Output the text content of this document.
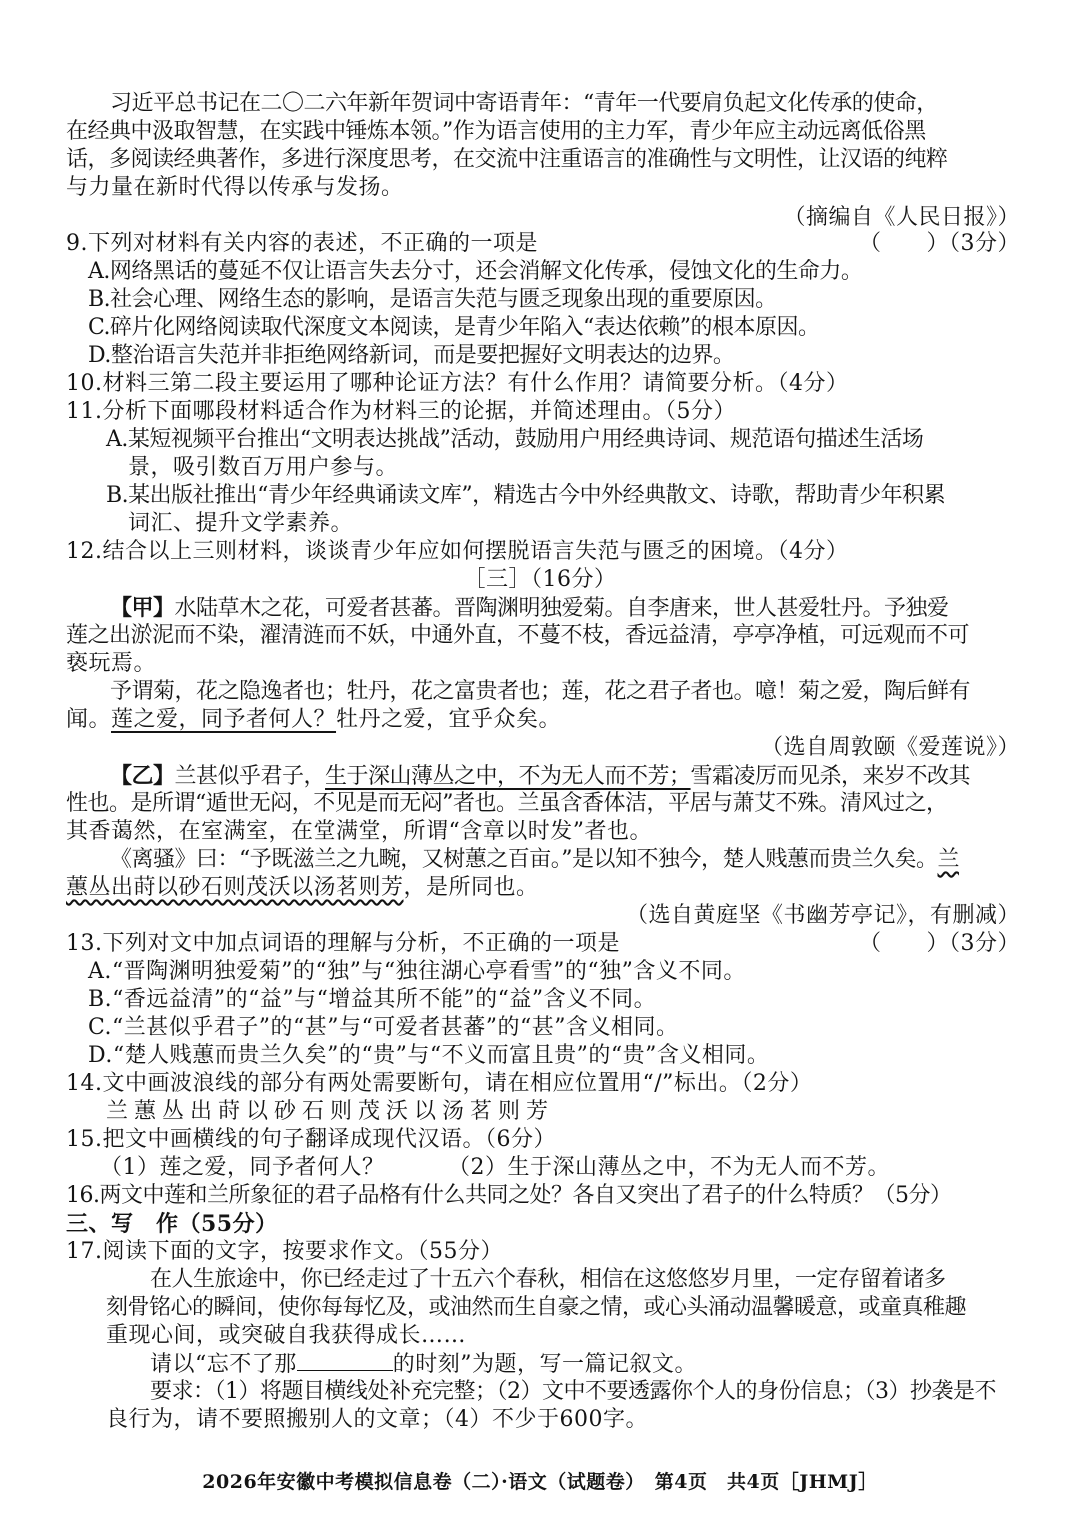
习近平总书记在二〇二六年新年贺词中寄语青年：“青年一代要肩负起文化传承的使命，

在经典中汲取智慧，在实践中锤炼本领。”作为语言使用的主力军，青少年应主动远离低俗黑

话，多阅读经典著作，多进行深度思考，在交流中注重语言的准确性与文明性，让汉语的纯粹

与力量在新时代得以传承与发扬。

（摘编自《人民日报》）

9.下列对材料有关内容的表述，不正确的一项是	（　　）（3分）

A.网络黑话的蔓延不仅让语言失去分寸，还会消解文化传承，侵蚀文化的生命力。

B.社会心理、网络生态的影响，是语言失范与匮乏现象出现的重要原因。

C.碎片化网络阅读取代深度文本阅读，是青少年陷入“表达依赖”的根本原因。

D.整治语言失范并非拒绝网络新词，而是要把握好文明表达的边界。

10.材料三第二段主要运用了哪种论证方法？有什么作用？请简要分析。（4分）

11.分析下面哪段材料适合作为材料三的论据，并简述理由。（5分）

A.某短视频平台推出“文明表达挑战”活动，鼓励用户用经典诗词、规范语句描述生活场

景，吸引数百万用户参与。

B.某出版社推出“青少年经典诵读文库”，精选古今中外经典散文、诗歌，帮助青少年积累

词汇、提升文学素养。

12.结合以上三则材料，谈谈青少年应如何摆脱语言失范与匮乏的困境。（4分）

［三］（16分）

【甲】水陆草木之花，可爱者甚蕃。晋陶渊明独爱菊。自李唐来，世人甚爱牡丹。予独爱

莲之出淤泥而不染，濯清涟而不妖，中通外直，不蔓不枝，香远益清，亭亭净植，可远观而不可

亵玩焉。

予谓菊，花之隐逸者也；牡丹，花之富贵者也；莲，花之君子者也。噫！菊之爱，陶后鲜有

闻。莲之爱，同予者何人？牡丹之爱，宜乎众矣。

（选自周敦颐《爱莲说》）

【乙】兰甚似乎君子，生于深山薄丛之中，不为无人而不芳；雪霜凌厉而见杀，来岁不改其

性也。是所谓“遁世无闷，不见是而无闷”者也。兰虽含香体洁，平居与萧艾不殊。清风过之，

其香蔼然，在室满室，在堂满堂，所谓“含章以时发”者也。

《离骚》曰：“予既滋兰之九畹，又树蕙之百亩。”是以知不独今，楚人贱蕙而贵兰久矣。兰

蕙丛出莳以砂石则茂沃以汤茗则芳，是所同也。

（选自黄庭坚《书幽芳亭记》，有删减）

13.下列对文中加点词语的理解与分析，不正确的一项是	（　　）（3分）

A.“晋陶渊明独爱菊”的“独”与“独往湖心亭看雪”的“独”含义不同。

B.“香远益清”的“益”与“增益其所不能”的“益”含义不同。

C.“兰甚似乎君子”的“甚”与“可爱者甚蕃”的“甚”含义相同。

D.“楚人贱蕙而贵兰久矣”的“贵”与“不义而富且贵”的“贵”含义相同。

14.文中画波浪线的部分有两处需要断句，请在相应位置用“/”标出。（2分）

兰蕙丛出莳以砂石则茂沃以汤茗则芳

15.把文中画横线的句子翻译成现代汉语。（6分）

（1）莲之爱，同予者何人？	（2）生于深山薄丛之中，不为无人而不芳。

16.两文中莲和兰所象征的君子品格有什么共同之处？各自又突出了君子的什么特质？（5分）

三、写　作（55分）

17.阅读下面的文字，按要求作文。（55分）

在人生旅途中，你已经走过了十五六个春秋，相信在这悠悠岁月里，一定存留着诸多

刻骨铭心的瞬间，使你每每忆及，或油然而生自豪之情，或心头涌动温馨暖意，或童真稚趣

重现心间，或突破自我获得成长……

请以“忘不了那	的时刻”为题，写一篇记叙文。

要求：（1）将题目横线处补充完整；（2）文中不要透露你个人的身份信息；（3）抄袭是不

良行为，请不要照搬别人的文章；（4）不少于600字。

2026年安徽中考模拟信息卷（二）·语文（试题卷）　第4页　共4页［JHMJ］
